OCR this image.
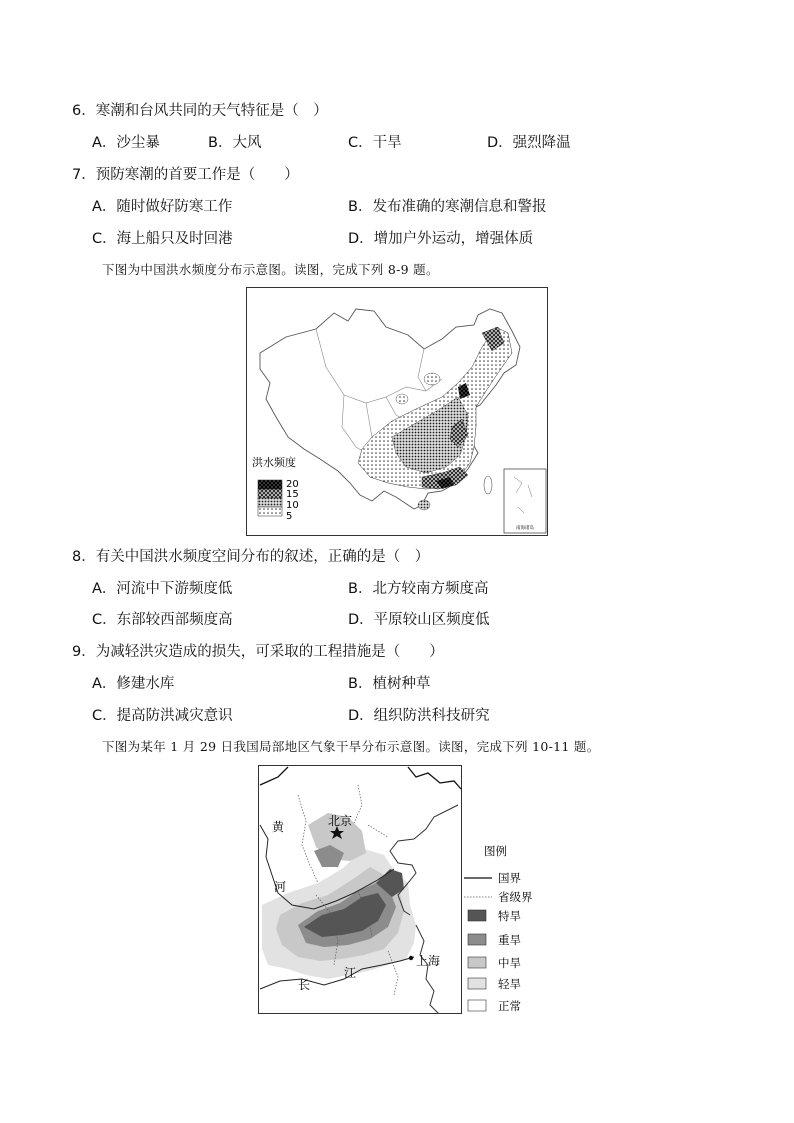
6．寒潮和台风共同的天气特征是（　）
A．沙尘暴	B．大风	C．干旱	D．强烈降温
7．预防寒潮的首要工作是（　　）
A．随时做好防寒工作	B．发布准确的寒潮信息和警报
C．海上船只及时回港	D．增加户外运动，增强体质
下图为中国洪水频度分布示意图。读图，完成下列 8-9 题。
南海诸岛
洪水频度
20
15
10
5
8．有关中国洪水频度空间分布的叙述，正确的是（　）
A．河流中下游频度低	B．北方较南方频度高
C．东部较西部频度高	D．平原较山区频度低
9．为减轻洪灾造成的损失，可采取的工程措施是（　　）
A．修建水库	B．植树种草
C．提高防洪减灾意识	D．组织防洪科技研究
下图为某年 1 月 29 日我国局部地区气象干旱分布示意图。读图，完成下列 10-11 题。
黄
河
长
江
北京
上海
图例
国界
省级界
特旱
重旱
中旱
轻旱
正常
